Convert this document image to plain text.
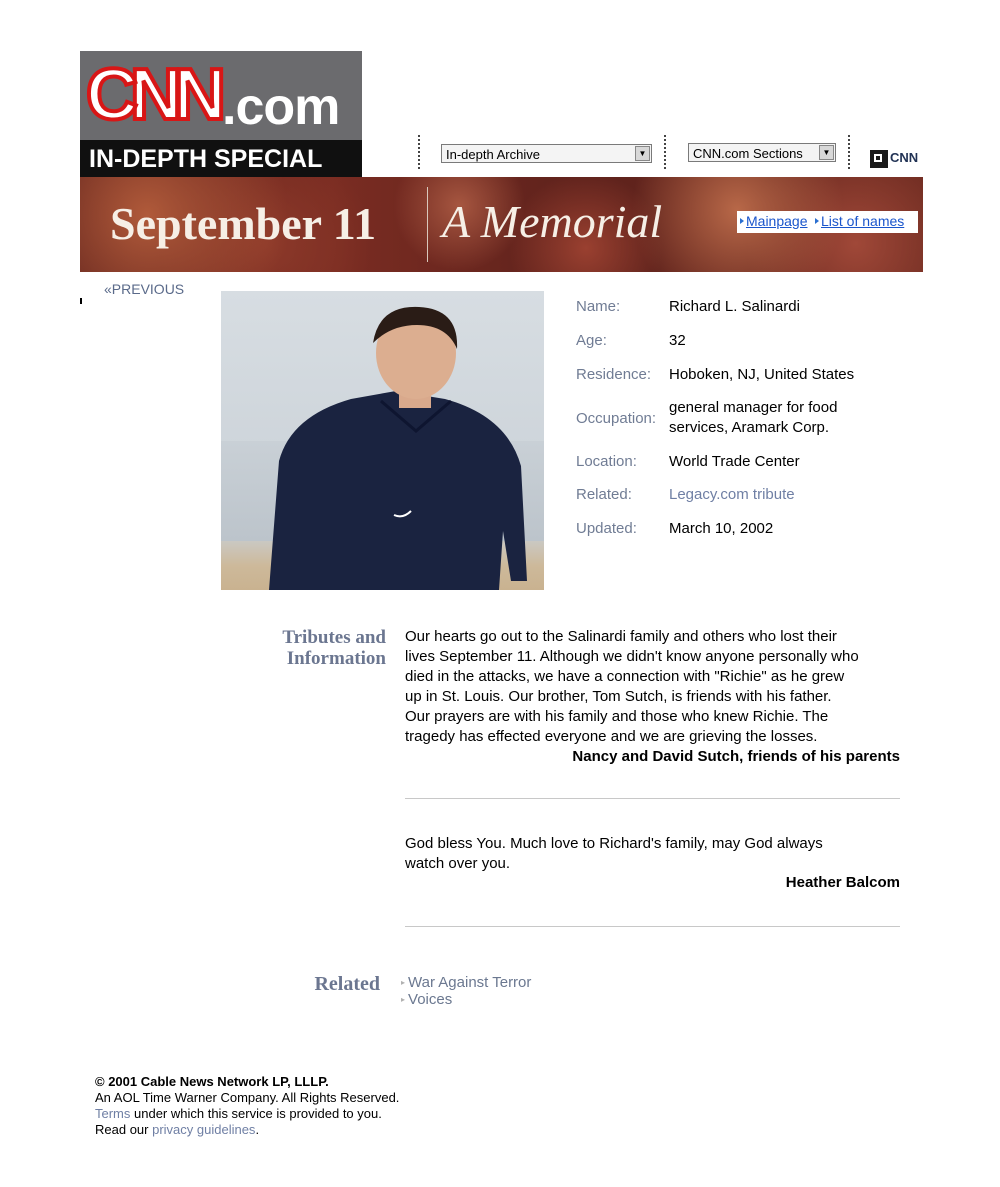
CNN .com
IN-DEPTH SPECIAL	In-depth Archive	▼	CNN.com Sections	▼	CNN
September 11 A Memorial	Mainpage List of names
«PREVIOUS
Name:	Richard L. Salinardi
Age:	32
Residence: Hoboken, NJ, United States
Occupation:
general manager for food
services, Aramark Corp.
Location: World Trade Center
Related: Legacy.com tribute
Updated: March 10, 2002
Tributes and
Information
Our hearts go out to the Salinardi family and others who lost their
lives September 11. Although we didn't know anyone personally who
died in the attacks, we have a connection with "Richie" as he grew
up in St. Louis. Our brother, Tom Sutch, is friends with his father.
Our prayers are with his family and those who knew Richie. The
tragedy has effected everyone and we are grieving the losses.
Nancy and David Sutch, friends of his parents
God bless You. Much love to Richard's family, may God always
watch over you.
Heather Balcom
Related	▸ War Against Terror
▸ Voices
© 2001 Cable News Network LP, LLLP.
An AOL Time Warner Company. All Rights Reserved.
Terms under which this service is provided to you.
Read our privacy guidelines.
